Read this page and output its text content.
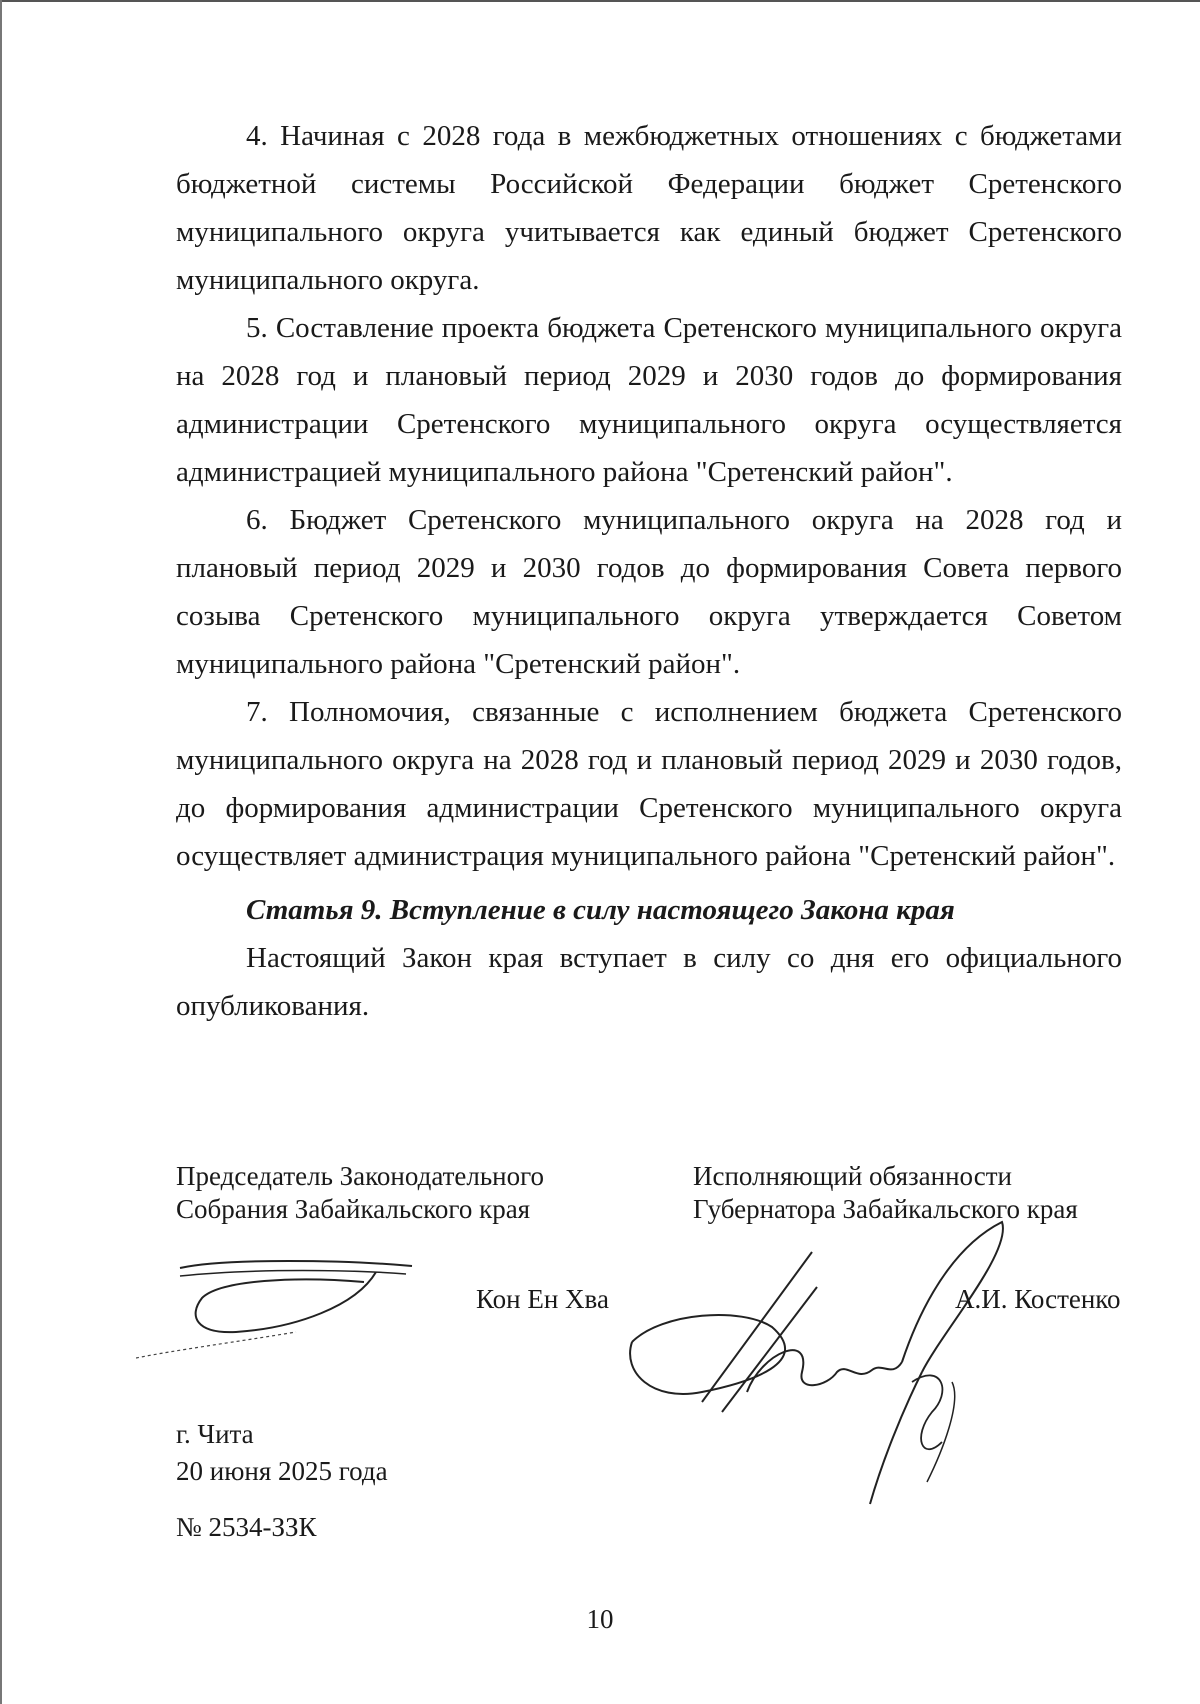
4. Начиная с 2028 года в межбюджетных отношениях с бюджетами бюджетной системы Российской Федерации бюджет Сретенского муниципального округа учитывается как единый бюджет Сретенского муниципального округа.

5. Составление проекта бюджета Сретенского муниципального округа на 2028 год и плановый период 2029 и 2030 годов до формирования администрации Сретенского муниципального округа осуществляется администрацией муниципального района "Сретенский район".

6. Бюджет Сретенского муниципального округа на 2028 год и плановый период 2029 и 2030 годов до формирования Совета первого созыва Сретенского муниципального округа утверждается Советом муниципального района "Сретенский район".

7. Полномочия, связанные с исполнением бюджета Сретенского муниципального округа на 2028 год и плановый период 2029 и 2030 годов, до формирования администрации Сретенского муниципального округа осуществляет администрация муниципального района "Сретенский район".

Статья 9. Вступление в силу настоящего Закона края

Настоящий Закон края вступает в силу со дня его официального опубликования.

Председатель Законодательного
Собрания Забайкальского края
Исполняющий обязанности
Губернатора Забайкальского края
Кон Ен Хва	А.И. Костенко
г. Чита
20 июня 2025 года
№ 2534-ЗЗК
10
